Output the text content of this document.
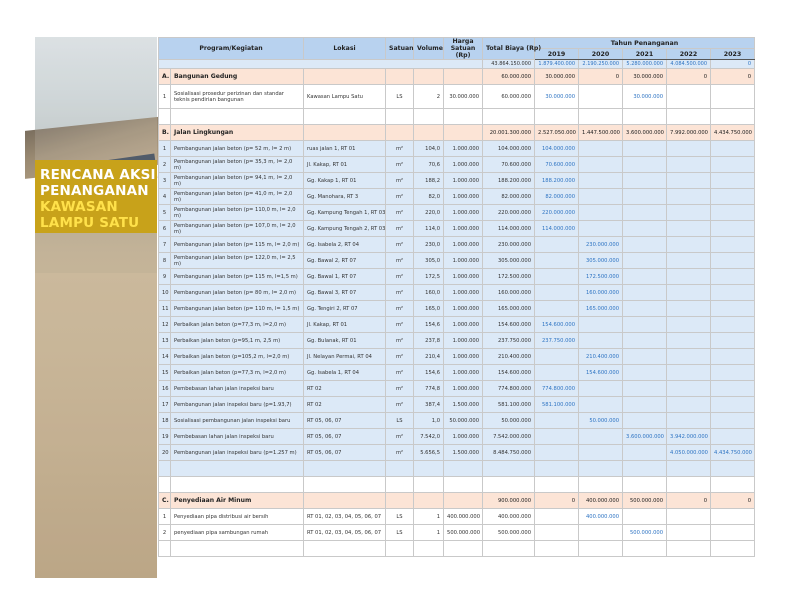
RENCANA AKSI
PENANGANAN
KAWASAN
LAMPU SATU
Program/Kegiatan		Lokasi	Satuan	Volume	Harga Satuan (Rp)	Total Biaya (Rp)	Tahun Penanganan				
							2019	2020	2021	2022	2023
						43.864.150.000	1.879.400.000	2.190.250.000	5.280.000.000	4.084.500.000	0
A.	Bangunan Gedung					60.000.000	30.000.000	0	30.000.000	0	0
1	Sosialisasi prosedur perizinan dan standar teknis pendirian bangunan	Kawasan Lampu Satu	LS	2	30.000.000	60.000.000	30.000.000		30.000.000		

B.	Jalan Lingkungan					20.001.300.000	2.527.050.000	1.447.500.000	3.600.000.000	7.992.000.000	4.434.750.000
1	Pembangunan jalan beton (p= 52 m, l= 2 m)	ruas jalan 1, RT 01	m²	104,0	1.000.000	104.000.000	104.000.000				
2	Pembangunan jalan beton (p= 35,3 m, l= 2,0 m)	Jl. Kakap, RT 01	m²	70,6	1.000.000	70.600.000	70.600.000				
3	Pembangunan jalan beton (p= 94,1 m, l= 2,0 m)	Gg. Kakap 1, RT 01	m²	188,2	1.000.000	188.200.000	188.200.000				
4	Pembangunan jalan beton (p= 41,0 m, l= 2,0 m)	Gg. Manohara, RT 3	m²	82,0	1.000.000	82.000.000	82.000.000				
5	Pembangunan jalan beton (p= 110,0 m, l= 2,0 m)	Gg. Kampung Tengah 1, RT 03	m²	220,0	1.000.000	220.000.000	220.000.000				
6	Pembangunan jalan beton (p= 107,0 m, l= 2,0 m)	Gg. Kampung Tengah 2, RT 03	m²	114,0	1.000.000	114.000.000	114.000.000				
7	Pembangunan jalan beton (p= 115 m, l= 2,0 m)	Gg. Isabela 2, RT 04	m²	230,0	1.000.000	230.000.000		230.000.000			
8	Pembangunan jalan beton (p= 122,0 m, l= 2,5 m)	Gg. Bawal 2, RT 07	m²	305,0	1.000.000	305.000.000		305.000.000			
9	Pembangunan jalan beton (p= 115 m, l=1,5 m)	Gg. Bawal 1, RT 07	m²	172,5	1.000.000	172.500.000		172.500.000			
10	Pembangunan jalan beton (p= 80 m, l= 2,0 m)	Gg. Bawal 3, RT 07	m²	160,0	1.000.000	160.000.000		160.000.000			
11	Pembangunan jalan beton (p= 110 m, l= 1,5 m)	Gg. Tengiri 2, RT 07	m²	165,0	1.000.000	165.000.000		165.000.000			
12	Perbaikan jalan beton (p=77,3 m, l=2,0 m)	Jl. Kakap, RT 01	m²	154,6	1.000.000	154.600.000	154.600.000				
13	Perbaikan jalan beton (p=95,1 m, 2,5 m)	Gg. Bulanak, RT 01	m²	237,8	1.000.000	237.750.000	237.750.000				
14	Perbaikan jalan beton (p=105,2 m, l=2,0 m)	Jl. Nelayan Permai, RT 04	m²	210,4	1.000.000	210.400.000		210.400.000			
15	Perbaikan jalan beton (p=77,3 m, l=2,0 m)	Gg. Isabela 1, RT 04	m²	154,6	1.000.000	154.600.000		154.600.000			
16	Pembebasan lahan jalan inspeksi baru	RT 02	m²	774,8	1.000.000	774.800.000	774.800.000				
17	Pembangunan jalan inspeksi baru (p=1.93,7)	RT 02	m²	387,4	1.500.000	581.100.000	581.100.000				
18	Sosialisasi pembangunan jalan inspeksi baru	RT 05, 06, 07	LS	1,0	50.000.000	50.000.000		50.000.000			
19	Pembebasan lahan jalan inspeksi baru	RT 05, 06, 07	m²	7.542,0	1.000.000	7.542.000.000			3.600.000.000	3.942.000.000	
20	Pembangunan jalan inspeksi baru (p=1.257 m)	RT 05, 06, 07	m²	5.656,5	1.500.000	8.484.750.000				4.050.000.000	4.434.750.000

C.	Penyediaan Air Minum					900.000.000	0	400.000.000	500.000.000	0	0
1	Penyediaan pipa distribusi air bersih	RT 01, 02, 03, 04, 05, 06, 07	LS	1	400.000.000	400.000.000		400.000.000			
2	penyediaan pipa sambungan rumah	RT 01, 02, 03, 04, 05, 06, 07	LS	1	500.000.000	500.000.000			500.000.000		
